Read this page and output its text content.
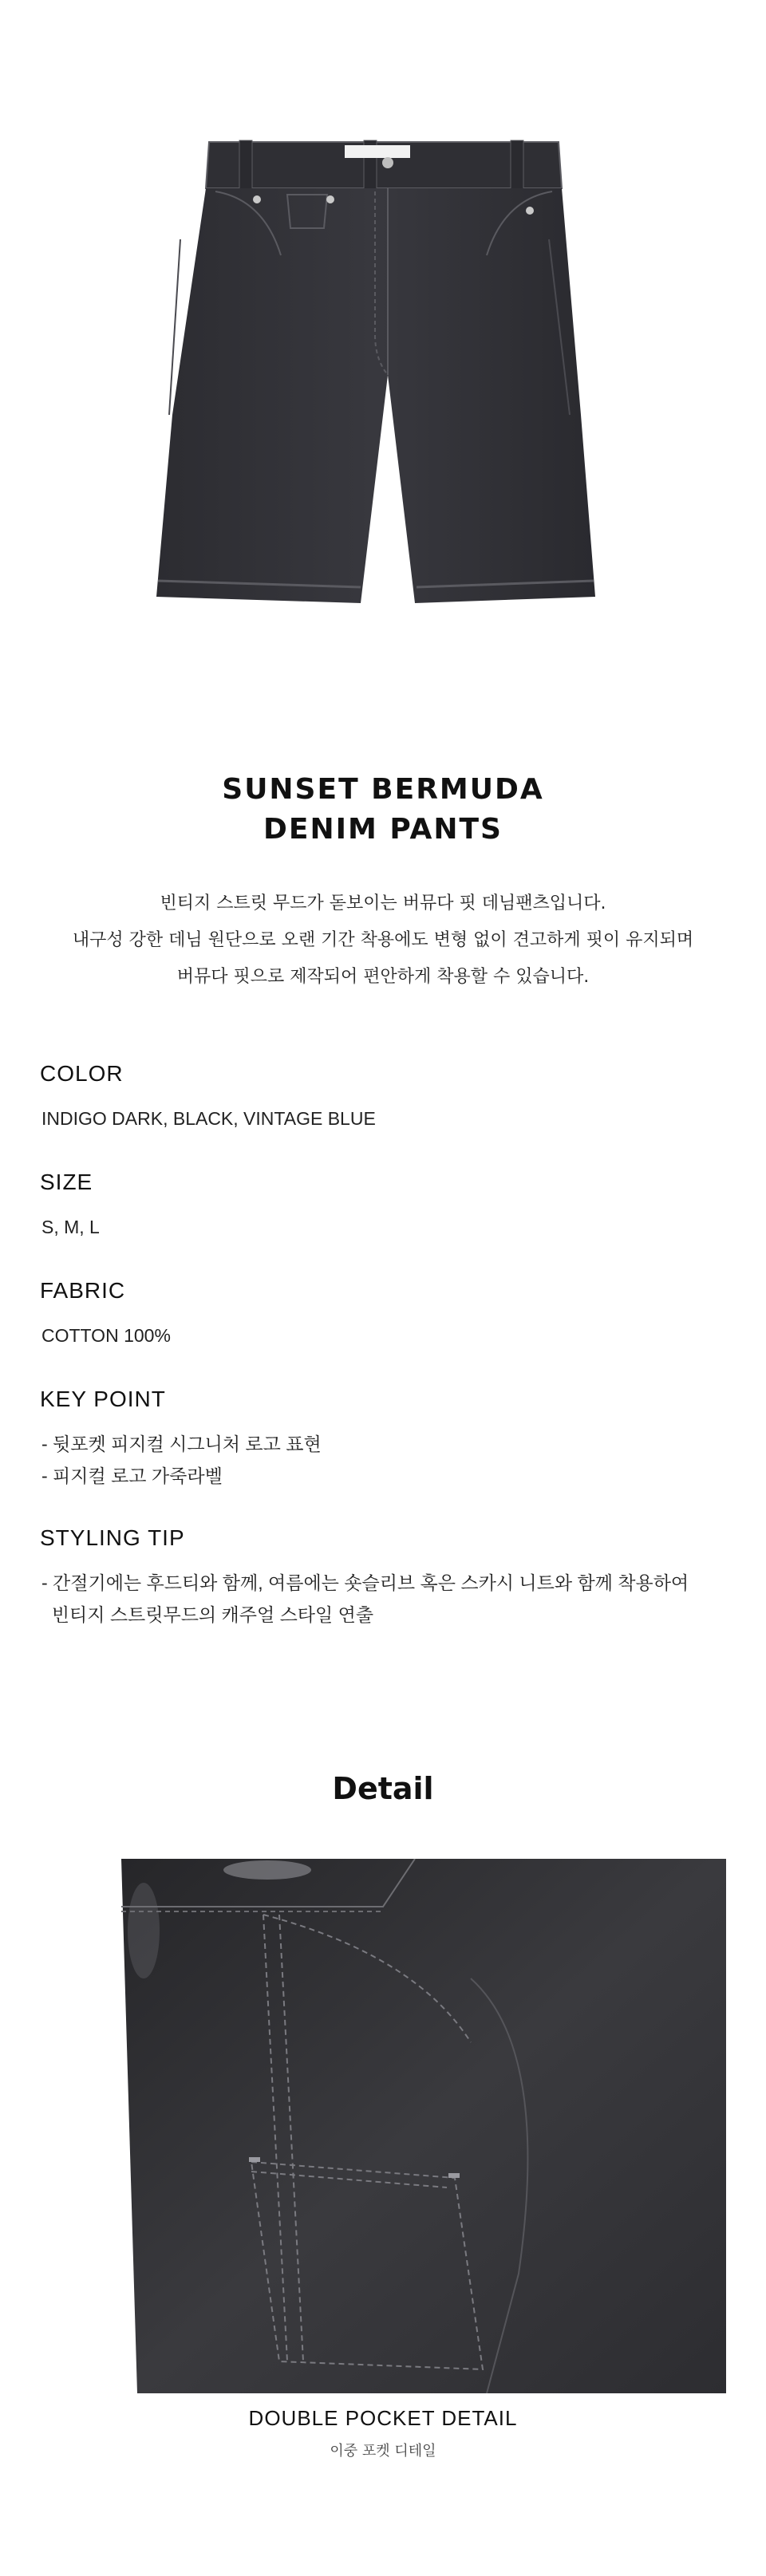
SUNSET BERMUDA
DENIM PANTS
빈티지 스트릿 무드가 돋보이는 버뮤다 핏 데님팬츠입니다.
내구성 강한 데님 원단으로 오랜 기간 착용에도 변형 없이 견고하게 핏이 유지되며
버뮤다 핏으로 제작되어 편안하게 착용할 수 있습니다.
COLOR
INDIGO DARK, BLACK, VINTAGE BLUE
SIZE
S, M, L
FABRIC
COTTON 100%
KEY POINT
- 뒷포켓 피지컬 시그니처 로고 표현
- 피지컬 로고 가죽라벨
STYLING TIP
- 간절기에는 후드티와 함께, 여름에는 숏슬리브 혹은 스카시 니트와 함께 착용하여
빈티지 스트릿무드의 캐주얼 스타일 연출
Detail
DOUBLE POCKET DETAIL
이중 포켓 디테일
